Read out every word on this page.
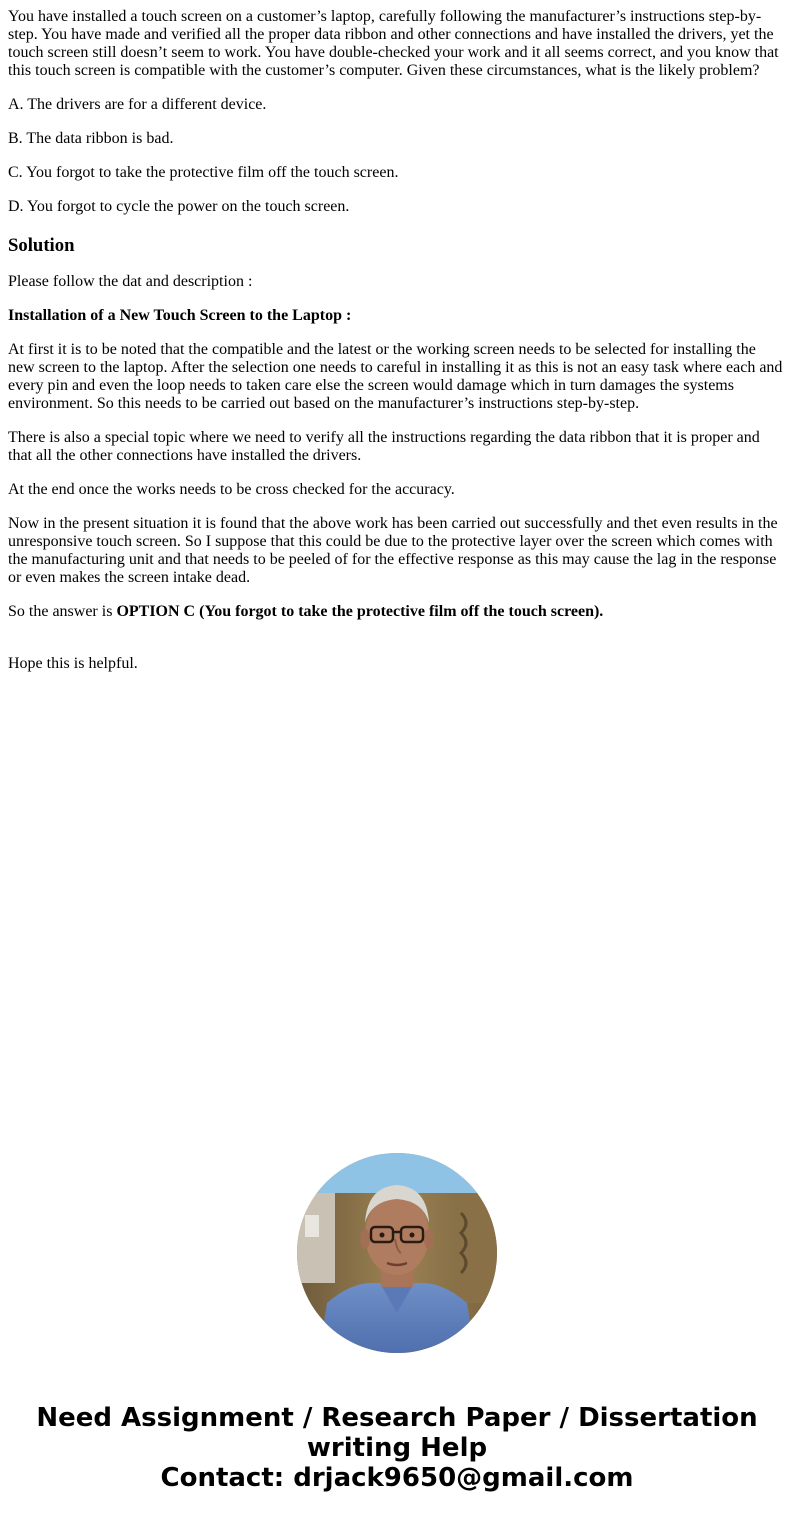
You have installed a touch screen on a customer’s laptop, carefully following the manufacturer’s instructions step-by-step. You have made and verified all the proper data ribbon and other connections and have installed the drivers, yet the touch screen still doesn’t seem to work. You have double-checked your work and it all seems correct, and you know that this touch screen is compatible with the customer’s computer. Given these circumstances, what is the likely problem?

A. The drivers are for a different device.

B. The data ribbon is bad.

C. You forgot to take the protective film off the touch screen.

D. You forgot to cycle the power on the touch screen.

Solution

Please follow the dat and description :

Installation of a New Touch Screen to the Laptop :

At first it is to be noted that the compatible and the latest or the working screen needs to be selected for installing the new screen to the laptop. After the selection one needs to careful in installing it as this is not an easy task where each and every pin and even the loop needs to taken care else the screen would damage which in turn damages the systems environment. So this needs to be carried out based on the manufacturer’s instructions step-by-step.

There is also a special topic where we need to verify all the instructions regarding the data ribbon that it is proper and that all the other connections have installed the drivers.

At the end once the works needs to be cross checked for the accuracy.

Now in the present situation it is found that the above work has been carried out successfully and thet even results in the unresponsive touch screen. So I suppose that this could be due to the protective layer over the screen which comes with the manufacturing unit and that needs to be peeled of for the effective response as this may cause the lag in the response or even makes the screen intake dead.

So the answer is OPTION C (You forgot to take the protective film off the touch screen).

Hope this is helpful.

Need Assignment / Research Paper / Dissertation
writing Help
Contact: drjack9650@gmail.com
